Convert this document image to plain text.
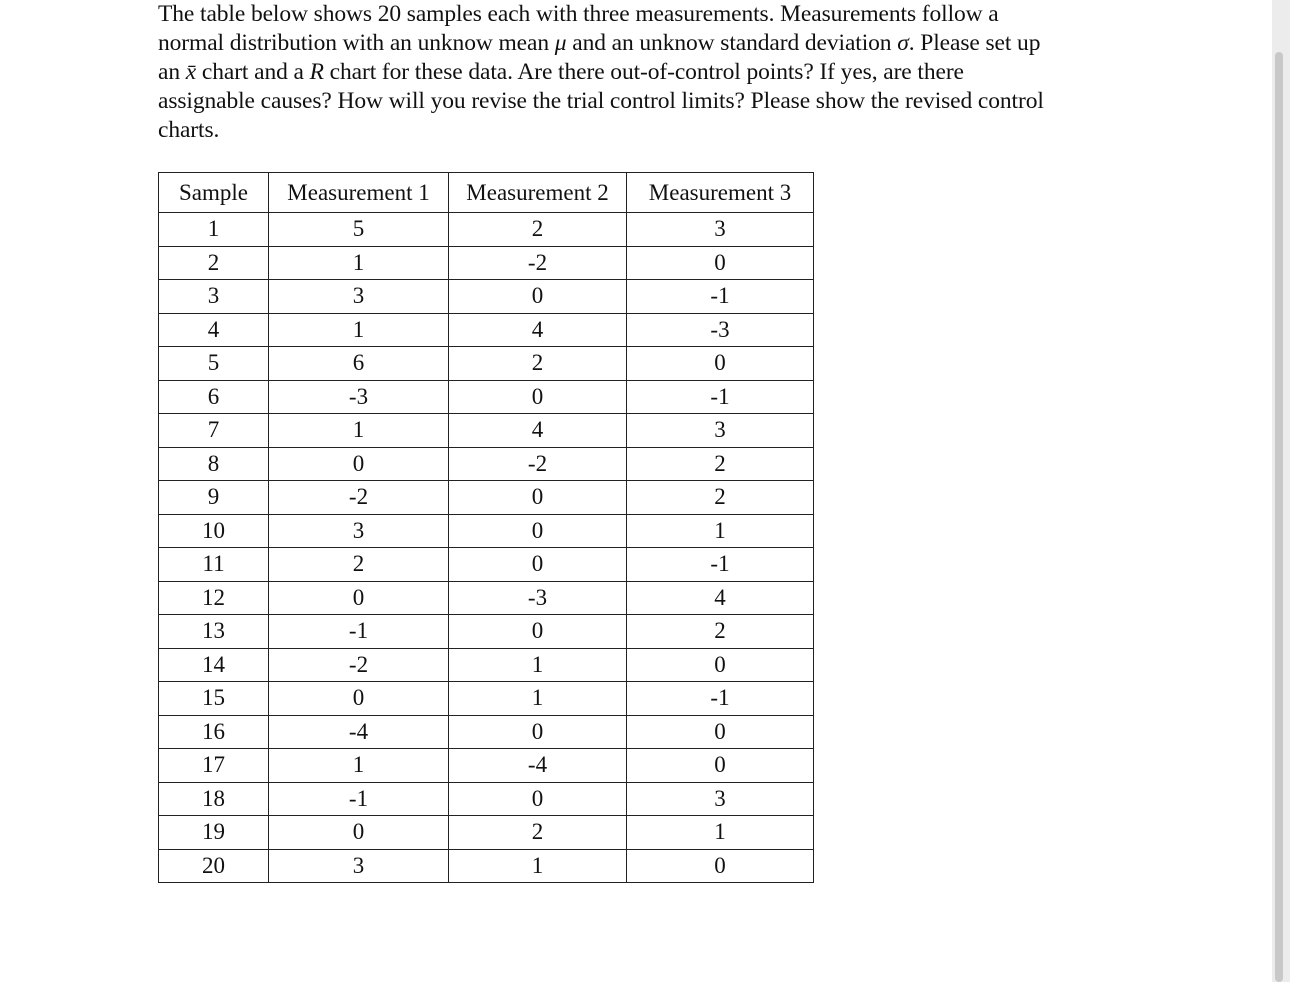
The table below shows 20 samples each with three measurements. Measurements follow a
normal distribution with an unknow mean μ and an unknow standard deviation σ. Please set up
an x̄ chart and a R chart for these data. Are there out-of-control points? If yes, are there
assignable causes? How will you revise the trial control limits? Please show the revised control
charts.

Sample	Measurement 1	Measurement 2	Measurement 3
1	5	2	3
2	1	-2	0
3	3	0	-1
4	1	4	-3
5	6	2	0
6	-3	0	-1
7	1	4	3
8	0	-2	2
9	-2	0	2
10	3	0	1
11	2	0	-1
12	0	-3	4
13	-1	0	2
14	-2	1	0
15	0	1	-1
16	-4	0	0
17	1	-4	0
18	-1	0	3
19	0	2	1
20	3	1	0
